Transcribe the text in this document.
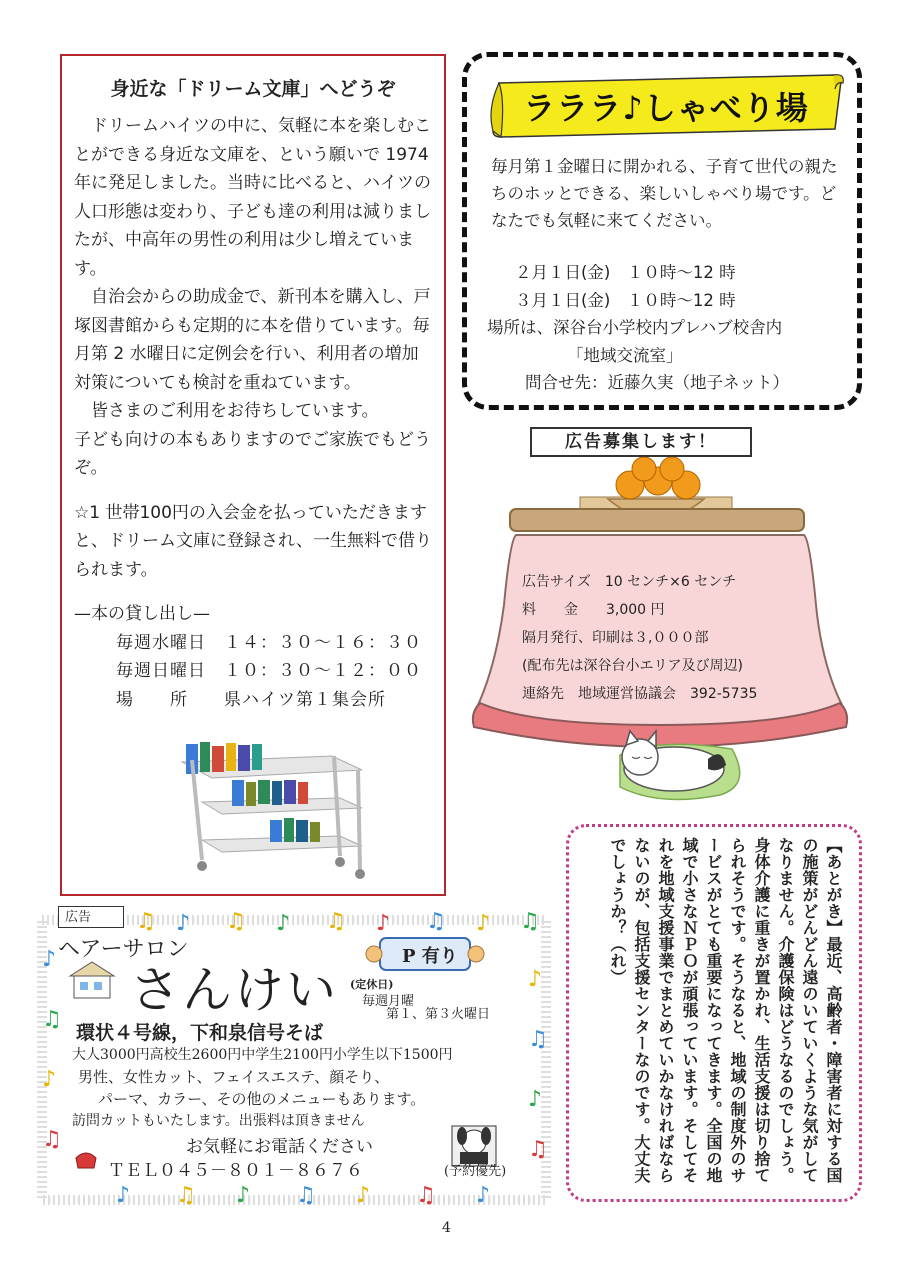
身近な「ドリーム文庫」へどうぞ

ドリームハイツの中に、気軽に本を楽しむことができる身近な文庫を、という願いで 1974 年に発足しました。当時に比べると、ハイツの人口形態は変わり、子ども達の利用は減りましたが、中高年の男性の利用は少し増えています。

自治会からの助成金で、新刊本を購入し、戸塚図書館からも定期的に本を借りています。毎月第 2 水曜日に定例会を行い、利用者の増加対策についても検討を重ねています。

皆さまのご利用をお待ちしています。

子ども向けの本もありますのでご家族でもどうぞ。

☆1 世帯100円の入会金を払っていただきますと、ドリーム文庫に登録され、一生無料で借りられます。

—本の貸し出し—

毎週水曜日　１４：３０～１６：３０

毎週日曜日　１０：３０～１２：００

場　　所　　県ハイツ第１集会所

ラララ♪しゃべり場
毎月第１金曜日に開かれる、子育て世代の親たちのホッとできる、楽しいしゃべり場です。どなたでも気軽に来てください。

２月１日(金)　１０時～12 時

３月１日(金)　１０時～12 時

場所は、深谷台小学校内プレハブ校舎内

「地域交流室」

問合せ先：近藤久実（地子ネット）

広告募集します！

広告サイズ　10 センチ×6 センチ

料　　金　　3,000 円

隔月発行、印刷は３,０００部

(配布先は深谷台小エリア及び周辺)

連絡先　地域運営協議会　392-5735

【あとがき】最近、高齢者・障害者に対する国の施策がどんどん遠のいていくような気がしてなりません。介護保険はどうなるのでしょう。身体介護に重きが置かれ、生活支援は切り捨てられそうです。そうなると、地域の制度外のサービスがとても重要になってきます。全国の地域で小さなＮＰＯが頑張っています。そしてそれを地域支援事業でまとめていかなければならないのが、包括支援センターなのです。大丈夫でしょうか？（れ）
♫ ♪ ♫ ♪ ♫ ♪ ♫ ♪ ♫
♪
♫
♪
♫
♪
♫
♪
♫
♪ ♫ ♪ ♫ ♪ ♫ ♪
広告
ヘアーサロン
さんけい
P 有り
(定休日)
毎週月曜
第１、第３火曜日
環状４号線，下和泉信号そば
大人3000円高校生2600円中学生2100円小学生以下1500円
男性、女性カット、フェイスエステ、顔そり、
パーマ、カラー、その他のメニューもあります。
訪問カットもいたします。出張料は頂きません
お気軽にお電話ください
ＴＥＬ０４５－８０１－８６７６	(予約優先)
4
